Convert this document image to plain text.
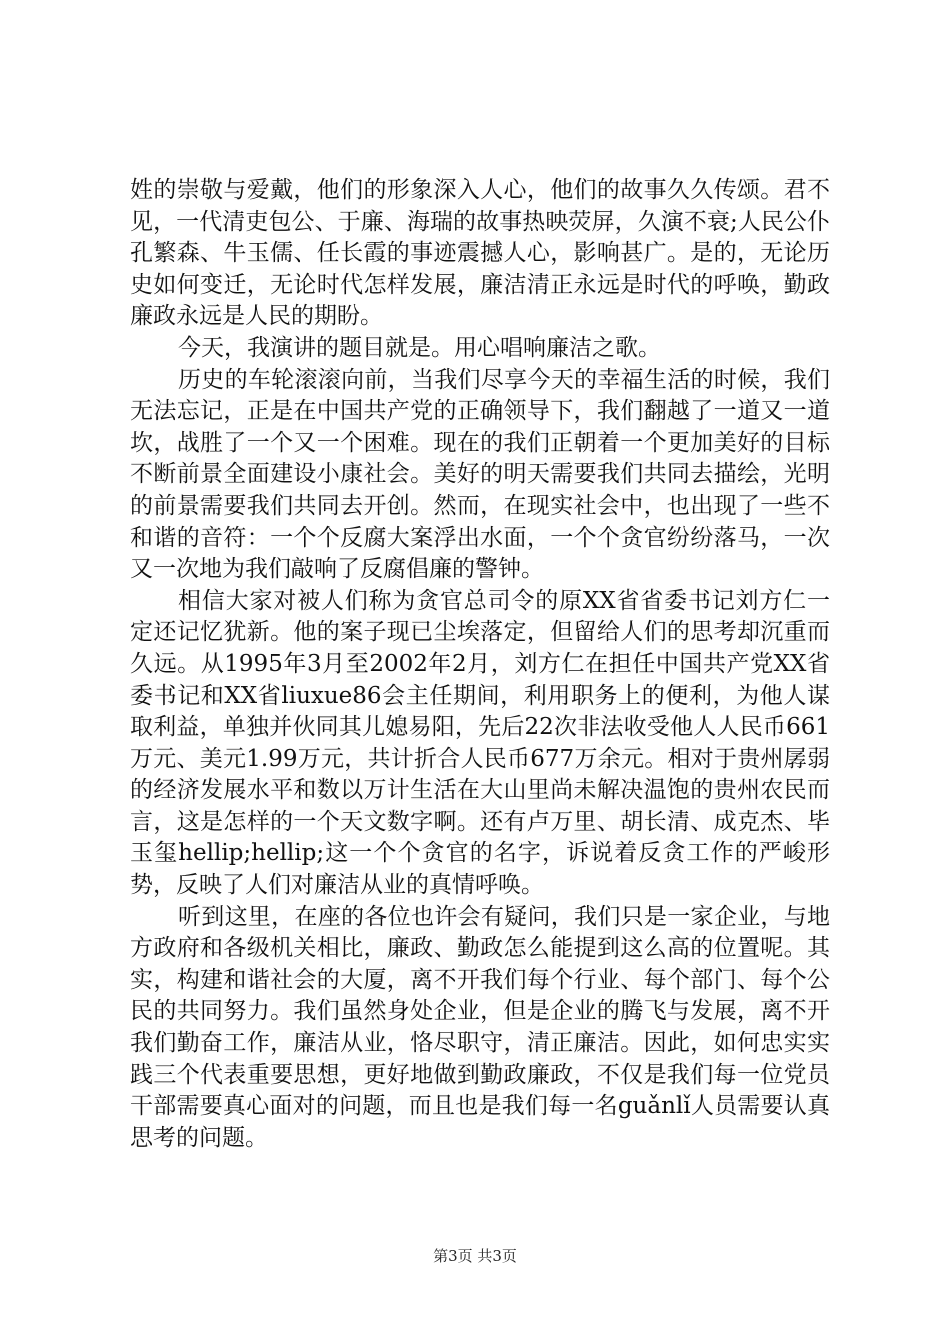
姓的崇敬与爱戴，他们的形象深入人心，他们的故事久久传颂。君不见，一代清吏包公、于廉、海瑞的故事热映荧屏，久演不衰;人民公仆孔繁森、牛玉儒、任长霞的事迹震撼人心，影响甚广。是的，无论历史如何变迁，无论时代怎样发展，廉洁清正永远是时代的呼唤，勤政廉政永远是人民的期盼。

今天，我演讲的题目就是。用心唱响廉洁之歌。

历史的车轮滚滚向前，当我们尽享今天的幸福生活的时候，我们无法忘记，正是在中国共产党的正确领导下，我们翻越了一道又一道坎，战胜了一个又一个困难。现在的我们正朝着一个更加美好的目标不断前景全面建设小康社会。美好的明天需要我们共同去描绘，光明的前景需要我们共同去开创。然而，在现实社会中，也出现了一些不和谐的音符：一个个反腐大案浮出水面，一个个贪官纷纷落马，一次又一次地为我们敲响了反腐倡廉的警钟。

相信大家对被人们称为贪官总司令的原XX省省委书记刘方仁一定还记忆犹新。他的案子现已尘埃落定，但留给人们的思考却沉重而久远。从1995年3月至2002年2月，刘方仁在担任中国共产党XX省委书记和XX省liuxue86会主任期间，利用职务上的便利，为他人谋取利益，单独并伙同其儿媳易阳，先后22次非法收受他人人民币661万元、美元1.99万元，共计折合人民币677万余元。相对于贵州孱弱的经济发展水平和数以万计生活在大山里尚未解决温饱的贵州农民而言，这是怎样的一个天文数字啊。还有卢万里、胡长清、成克杰、毕玉玺hellip;hellip;这一个个贪官的名字，诉说着反贪工作的严峻形势，反映了人们对廉洁从业的真情呼唤。

听到这里，在座的各位也许会有疑问，我们只是一家企业，与地方政府和各级机关相比，廉政、勤政怎么能提到这么高的位置呢。其实，构建和谐社会的大厦，离不开我们每个行业、每个部门、每个公民的共同努力。我们虽然身处企业，但是企业的腾飞与发展，离不开我们勤奋工作，廉洁从业，恪尽职守，清正廉洁。因此，如何忠实实践三个代表重要思想，更好地做到勤政廉政，不仅是我们每一位党员干部需要真心面对的问题，而且也是我们每一名guǎnlǐ人员需要认真思考的问题。

第3页 共3页
